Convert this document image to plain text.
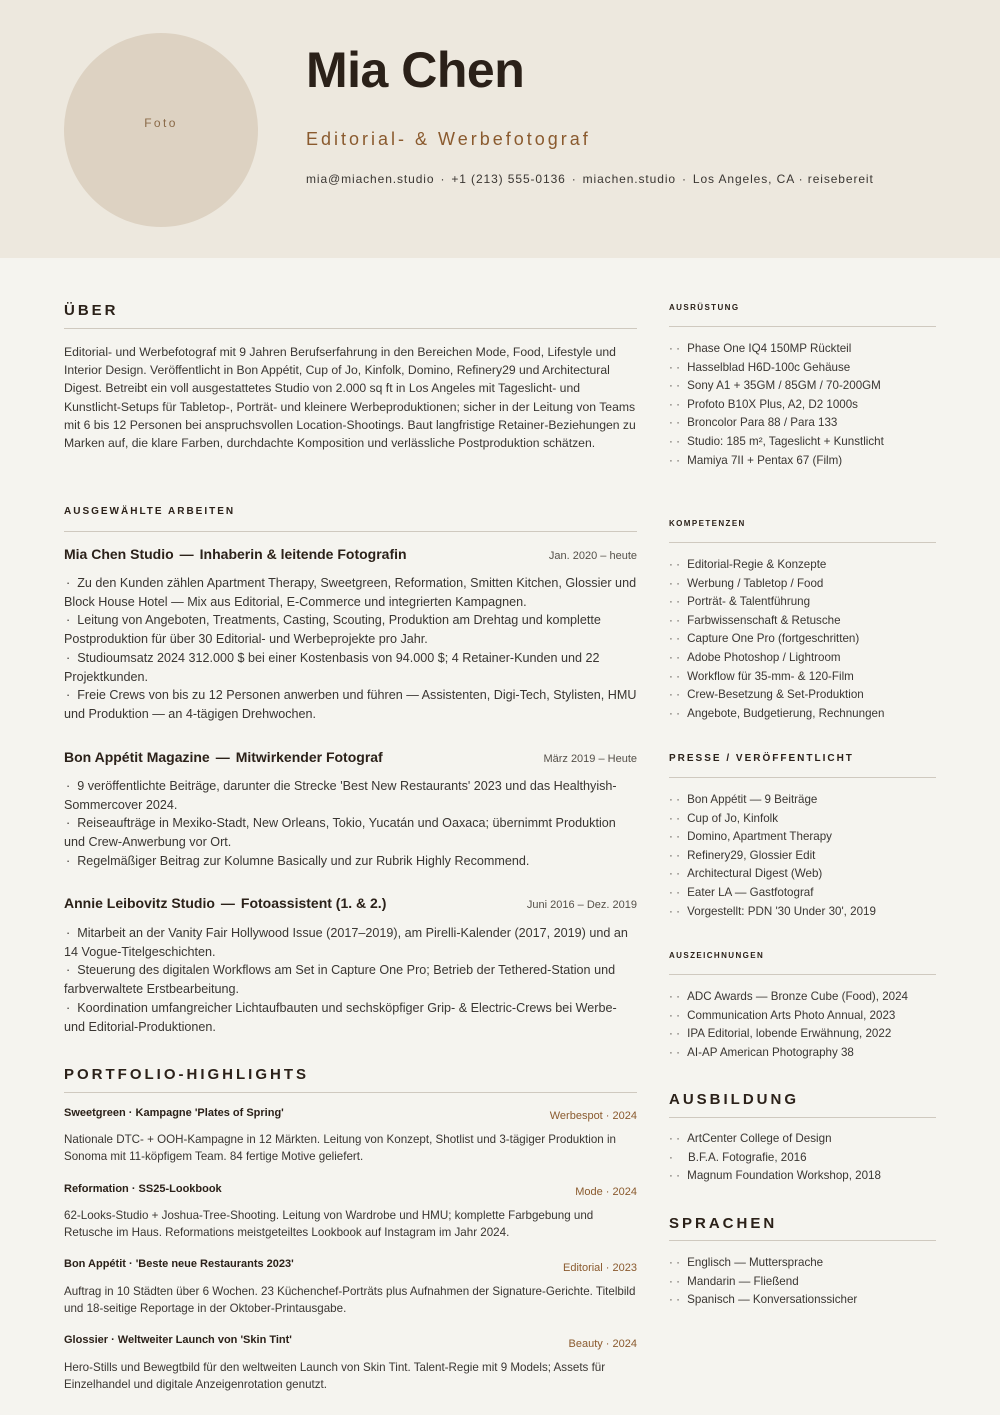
Foto
Mia Chen
Editorial- & Werbefotograf
mia@miachen.studio · +1 (213) 555-0136 · miachen.studio · Los Angeles, CA · reisebereit
ÜBER
Editorial- und Werbefotograf mit 9 Jahren Berufserfahrung in den Bereichen Mode, Food, Lifestyle und Interior Design. Veröffentlicht in Bon Appétit, Cup of Jo, Kinfolk, Domino, Refinery29 und Architectural Digest. Betreibt ein voll ausgestattetes Studio von 2.000 sq ft in Los Angeles mit Tageslicht- und Kunstlicht-Setups für Tabletop-, Porträt- und kleinere Werbeproduktionen; sicher in der Leitung von Teams mit 6 bis 12 Personen bei anspruchsvollen Location-Shootings. Baut langfristige Retainer-Beziehungen zu Marken auf, die klare Farben, durchdachte Komposition und verlässliche Postproduktion schätzen.
AUSGEWÄHLTE ARBEITEN
Mia Chen Studio — Inhaberin & leitende Fotografin	Jan. 2020 – heute
· Zu den Kunden zählen Apartment Therapy, Sweetgreen, Reformation, Smitten Kitchen, Glossier und Block House Hotel — Mix aus Editorial, E-Commerce und integrierten Kampagnen.
· Leitung von Angeboten, Treatments, Casting, Scouting, Produktion am Drehtag und komplette Postproduktion für über 30 Editorial- und Werbeprojekte pro Jahr.
· Studioumsatz 2024 312.000 $ bei einer Kostenbasis von 94.000 $; 4 Retainer-Kunden und 22 Projektkunden.
· Freie Crews von bis zu 12 Personen anwerben und führen — Assistenten, Digi-Tech, Stylisten, HMU und Produktion — an 4-tägigen Drehwochen.
Bon Appétit Magazine — Mitwirkender Fotograf	März 2019 – Heute
· 9 veröffentlichte Beiträge, darunter die Strecke 'Best New Restaurants' 2023 und das Healthyish-Sommercover 2024.
· Reiseaufträge in Mexiko-Stadt, New Orleans, Tokio, Yucatán und Oaxaca; übernimmt Produktion und Crew-Anwerbung vor Ort.
· Regelmäßiger Beitrag zur Kolumne Basically und zur Rubrik Highly Recommend.
Annie Leibovitz Studio — Fotoassistent (1. & 2.)	Juni 2016 – Dez. 2019
· Mitarbeit an der Vanity Fair Hollywood Issue (2017–2019), am Pirelli-Kalender (2017, 2019) und an 14 Vogue-Titelgeschichten.
· Steuerung des digitalen Workflows am Set in Capture One Pro; Betrieb der Tethered-Station und farbverwaltete Erstbearbeitung.
· Koordination umfangreicher Lichtaufbauten und sechsköpfiger Grip- & Electric-Crews bei Werbe- und Editorial-Produktionen.
PORTFOLIO-HIGHLIGHTS
Sweetgreen · Kampagne 'Plates of Spring'	Werbespot · 2024
Nationale DTC- + OOH-Kampagne in 12 Märkten. Leitung von Konzept, Shotlist und 3-tägiger Produktion in Sonoma mit 11-köpfigem Team. 84 fertige Motive geliefert.
Reformation · SS25-Lookbook	Mode · 2024
62-Looks-Studio + Joshua-Tree-Shooting. Leitung von Wardrobe und HMU; komplette Farbgebung und Retusche im Haus. Reformations meistgeteiltes Lookbook auf Instagram im Jahr 2024.
Bon Appétit · 'Beste neue Restaurants 2023'	Editorial · 2023
Auftrag in 10 Städten über 6 Wochen. 23 Küchenchef-Porträts plus Aufnahmen der Signature-Gerichte. Titelbild und 18-seitige Reportage in der Oktober-Printausgabe.
Glossier · Weltweiter Launch von 'Skin Tint'	Beauty · 2024
Hero-Stills und Bewegtbild für den weltweiten Launch von Skin Tint. Talent-Regie mit 9 Models; Assets für Einzelhandel und digitale Anzeigenrotation genutzt.
AUSRÜSTUNG
· · Phase One IQ4 150MP Rückteil
· · Hasselblad H6D-100c Gehäuse
· · Sony A1 + 35GM / 85GM / 70-200GM
· · Profoto B10X Plus, A2, D2 1000s
· · Broncolor Para 88 / Para 133
· · Studio: 185 m², Tageslicht + Kunstlicht
· · Mamiya 7II + Pentax 67 (Film)
KOMPETENZEN
· · Editorial-Regie & Konzepte
· · Werbung / Tabletop / Food
· · Porträt- & Talentführung
· · Farbwissenschaft & Retusche
· · Capture One Pro (fortgeschritten)
· · Adobe Photoshop / Lightroom
· · Workflow für 35-mm- & 120-Film
· · Crew-Besetzung & Set-Produktion
· · Angebote, Budgetierung, Rechnungen
PRESSE / VERÖFFENTLICHT
· · Bon Appétit — 9 Beiträge
· · Cup of Jo, Kinfolk
· · Domino, Apartment Therapy
· · Refinery29, Glossier Edit
· · Architectural Digest (Web)
· · Eater LA — Gastfotograf
· · Vorgestellt: PDN '30 Under 30', 2019
AUSZEICHNUNGEN
· · ADC Awards — Bronze Cube (Food), 2024
· · Communication Arts Photo Annual, 2023
· · IPA Editorial, lobende Erwähnung, 2022
· · AI-AP American Photography 38
AUSBILDUNG
· · ArtCenter College of Design
B.F.A. Fotografie, 2016 ·
· · Magnum Foundation Workshop, 2018
SPRACHEN
· · Englisch — Muttersprache
· · Mandarin — Fließend
· · Spanisch — Konversationssicher
